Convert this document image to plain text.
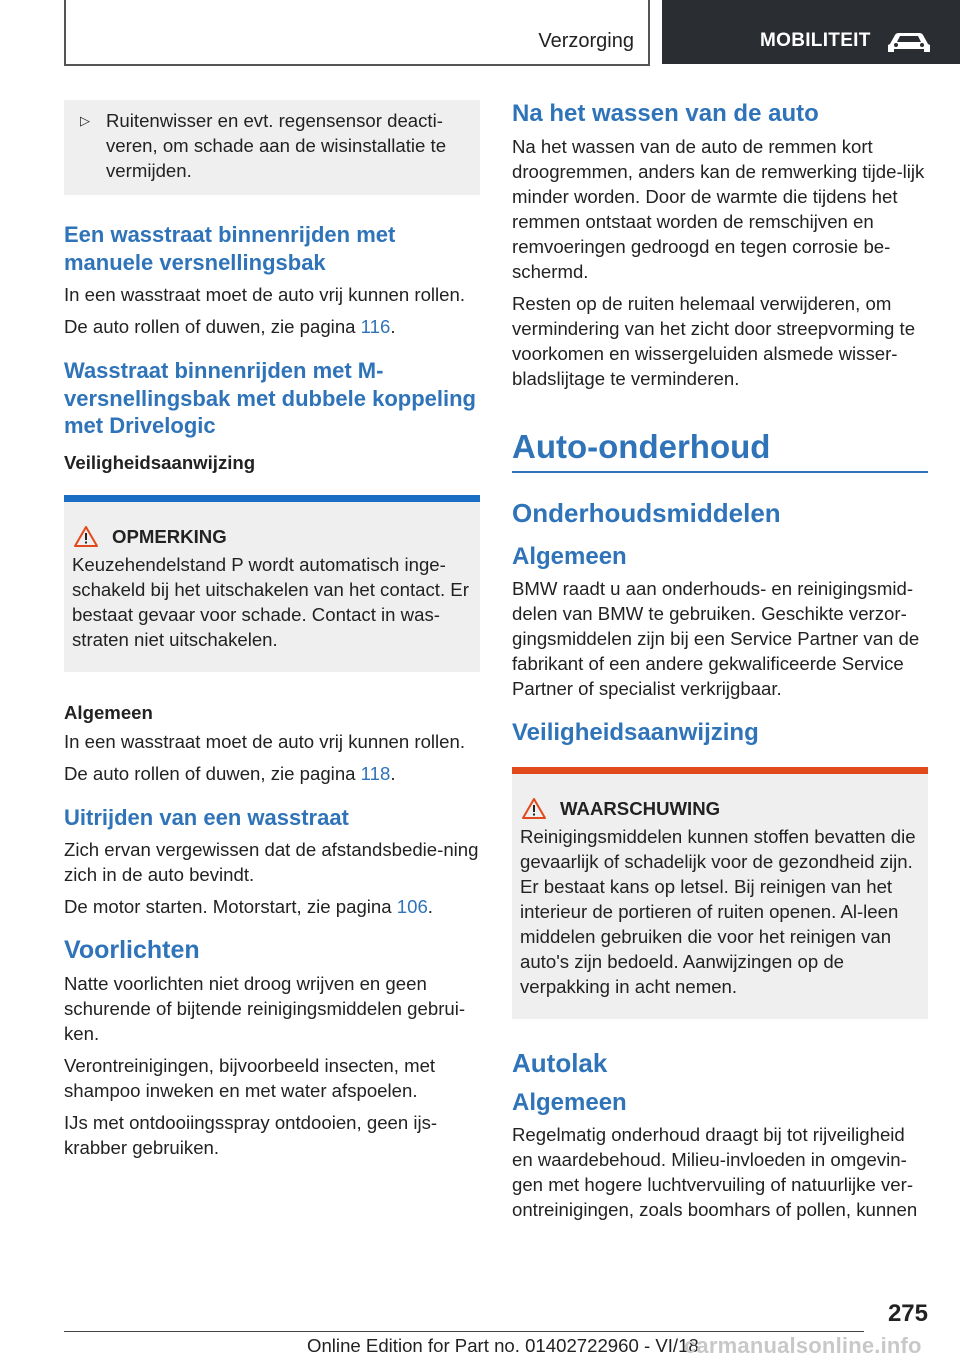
Verzorging	MOBILITEIT
▷ Ruitenwisser en evt. regensensor deacti-veren, om schade aan de wisinstallatie te vermijden.
Een wasstraat binnenrijden met manuele versnellingsbak

In een wasstraat moet de auto vrij kunnen rollen.

De auto rollen of duwen, zie pagina 116.

Wasstraat binnenrijden met M-versnellingsbak met dubbele koppeling met Drivelogic
Veiligheidsaanwijzing
OPMERKING

Keuzehendelstand P wordt automatisch inge-schakeld bij het uitschakelen van het contact. Er bestaat gevaar voor schade. Contact in was-straten niet uitschakelen.

Algemeen

In een wasstraat moet de auto vrij kunnen rollen.

De auto rollen of duwen, zie pagina 118.

Uitrijden van een wasstraat

Zich ervan vergewissen dat de afstandsbedie-ning zich in de auto bevindt.

De motor starten. Motorstart, zie pagina 106.

Voorlichten

Natte voorlichten niet droog wrijven en geen schurende of bijtende reinigingsmiddelen gebrui-ken.

Verontreinigingen, bijvoorbeeld insecten, met shampoo inweken en met water afspoelen.

IJs met ontdooiingsspray ontdooien, geen ijs-krabber gebruiken.

Na het wassen van de auto

Na het wassen van de auto de remmen kort droogremmen, anders kan de remwerking tijde-lijk minder worden. Door de warmte die tijdens het remmen ontstaat worden de remschijven en remvoeringen gedroogd en tegen corrosie be-schermd.

Resten op de ruiten helemaal verwijderen, om vermindering van het zicht door streepvorming te voorkomen en wissergeluiden alsmede wisser-bladslijtage te verminderen.

Auto-onderhoud
Onderhoudsmiddelen
Algemeen

BMW raadt u aan onderhouds- en reinigingsmid-delen van BMW te gebruiken. Geschikte verzor-gingsmiddelen zijn bij een Service Partner van de fabrikant of een andere gekwalificeerde Service Partner of specialist verkrijgbaar.

Veiligheidsaanwijzing
WAARSCHUWING

Reinigingsmiddelen kunnen stoffen bevatten die gevaarlijk of schadelijk voor de gezondheid zijn. Er bestaat kans op letsel. Bij reinigen van het interieur de portieren of ruiten openen. Al-leen middelen gebruiken die voor het reinigen van auto's zijn bedoeld. Aanwijzingen op de verpakking in acht nemen.

Autolak
Algemeen

Regelmatig onderhoud draagt bij tot rijveiligheid en waardebehoud. Milieu-invloeden in omgevin-gen met hogere luchtvervuiling of natuurlijke ver-ontreinigingen, zoals boomhars of pollen, kunnen

275
Online Edition for Part no. 01402722960 - VI/18
carmanualsonline.info
